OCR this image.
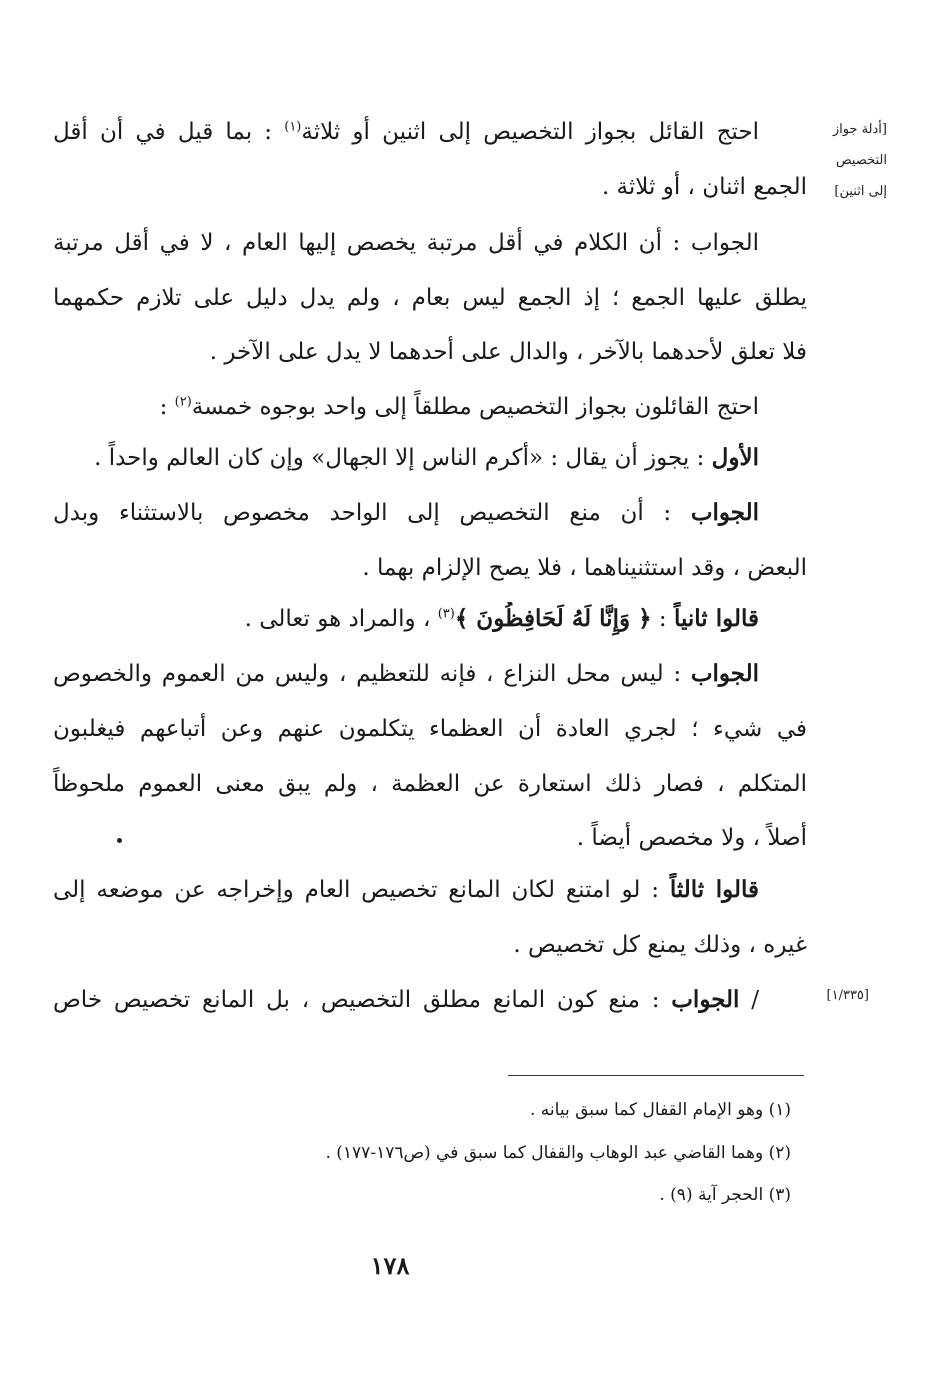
[أدلة جواز
التخصيص
إلى اثنين]
[١/٣٣٥]
احتج القائل بجواز التخصيص إلى اثنين أو ثلاثة$^{(١)}$ : بما قيل في أن أقل
الجمع اثنان ، أو ثلاثة .
الجواب : أن الكلام في أقل مرتبة يخصص إليها العام ، لا في أقل مرتبة
يطلق عليها الجمع ؛ إذ الجمع ليس بعام ، ولم يدل دليل على تلازم حكمهما
فلا تعلق لأحدهما بالآخر ، والدال على أحدهما لا يدل على الآخر .
احتج القائلون بجواز التخصيص مطلقاً إلى واحد بوجوه خمسة$^{(٢)}$ :
الأول : يجوز أن يقال : «أكرم الناس إلا الجهال» وإن كان العالم واحداً .
الجواب : أن منع التخصيص إلى الواحد مخصوص بالاستثناء وبدل
البعض ، وقد استثنيناهما ، فلا يصح الإلزام بهما .
قالوا ثانياً : ﴿ وَإِنَّا لَهُ لَحَافِظُونَ ﴾$^{(٣)}$ ، والمراد هو تعالى .
الجواب : ليس محل النزاع ، فإنه للتعظيم ، وليس من العموم والخصوص
في شيء ؛ لجري العادة أن العظماء يتكلمون عنهم وعن أتباعهم فيغلبون
المتكلم ، فصار ذلك استعارة عن العظمة ، ولم يبق معنى العموم ملحوظاً
أصلاً ، ولا مخصص أيضاً .
قالوا ثالثاً : لو امتنع لكان المانع تخصيص العام وإخراجه عن موضعه إلى
غيره ، وذلك يمنع كل تخصيص .
/ الجواب : منع كون المانع مطلق التخصيص ، بل المانع تخصيص خاص
(١) وهو الإمام القفال كما سبق بيانه .
(٢) وهما القاضي عبد الوهاب والقفال كما سبق في (ص١٧٦-١٧٧) .
(٣) الحجر آية (٩) .
١٧٨
